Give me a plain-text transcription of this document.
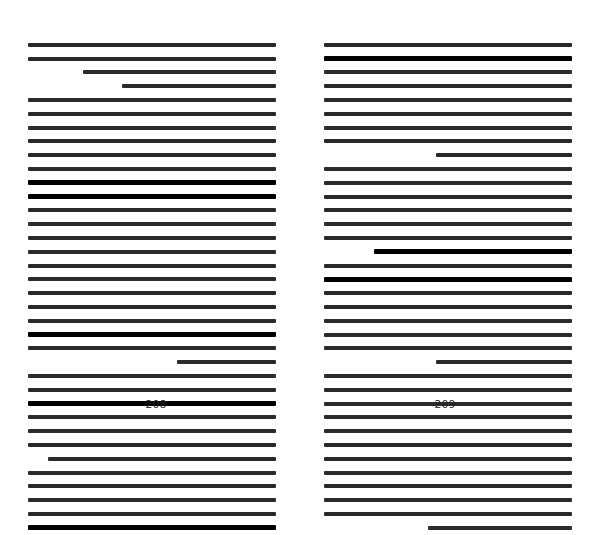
208	209
